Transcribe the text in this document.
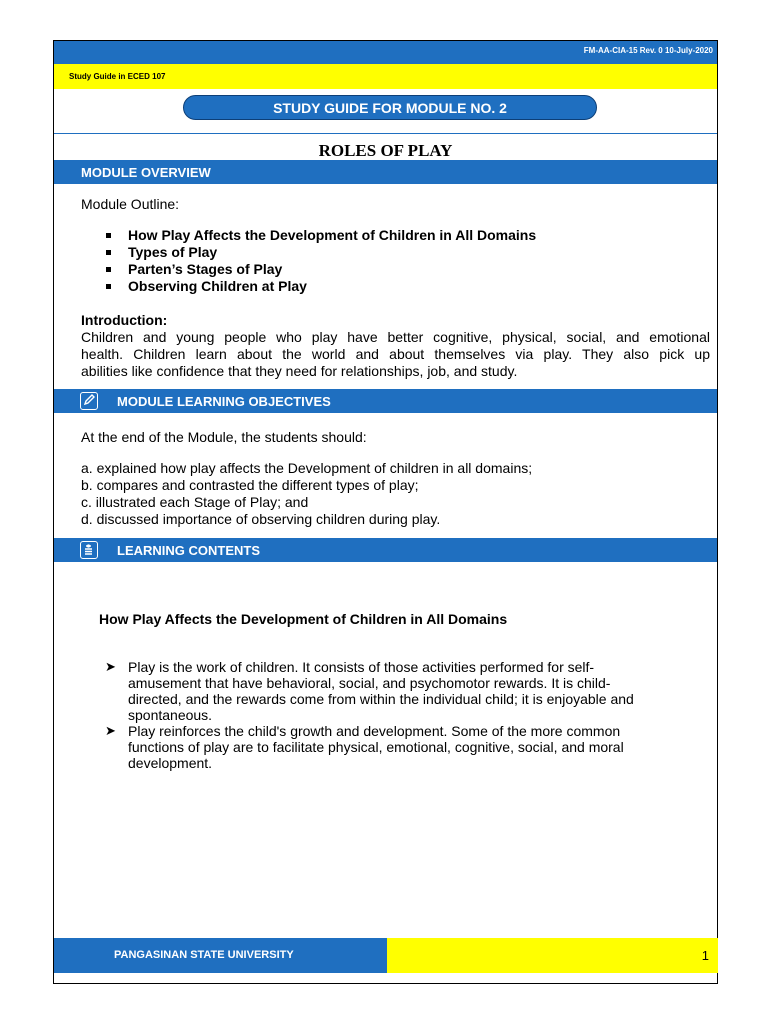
FM-AA-CIA-15 Rev. 0 10-July-2020
Study Guide in ECED 107
STUDY GUIDE FOR MODULE NO. 2
ROLES OF PLAY
MODULE OVERVIEW
Module Outline:
How Play Affects the Development of Children in All Domains
Types of Play
Parten’s Stages of Play
Observing Children at Play
Introduction:
Children and young people who play have better cognitive, physical, social, and emotional
health. Children learn about the world and about themselves via play. They also pick up
abilities like confidence that they need for relationships, job, and study.
MODULE LEARNING OBJECTIVES
At the end of the Module, the students should:
a. explained how play affects the Development of children in all domains;
b. compares and contrasted the different types of play;
c. illustrated each Stage of Play; and
d. discussed importance of observing children during play.
LEARNING CONTENTS
How Play Affects the Development of Children in All Domains
➤ Play is the work of children. It consists of those activities performed for self-
amusement that have behavioral, social, and psychomotor rewards. It is child-
directed, and the rewards come from within the individual child; it is enjoyable and
spontaneous.
➤ Play reinforces the child's growth and development. Some of the more common
functions of play are to facilitate physical, emotional, cognitive, social, and moral
development.
PANGASINAN STATE UNIVERSITY	1
